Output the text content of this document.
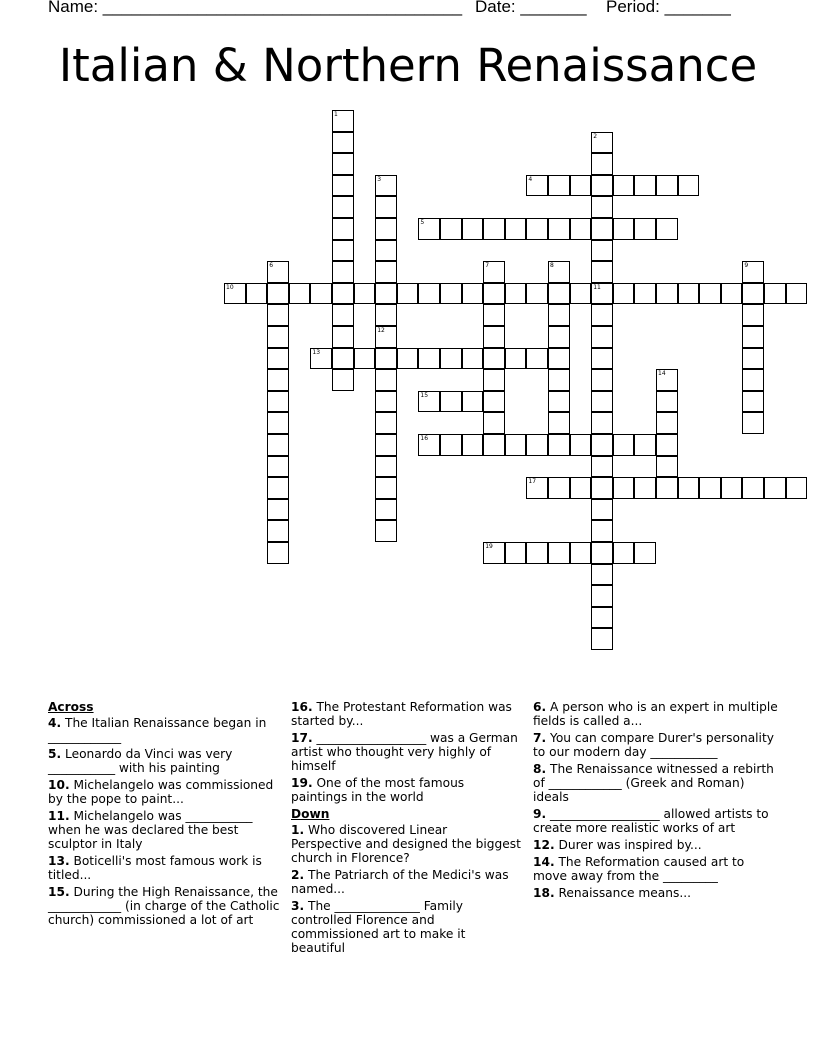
Name: ______________________________________ Date: _______ Period: _______
Italian & Northern Renaissance
1
2
11
3
12
4
5
6	7	8	9
10
13
14
15
16
17
19
Across
4. The Italian Renaissance began in ____________
5. Leonardo da Vinci was very ___________ with his painting
10. Michelangelo was commissioned by the pope to paint...
11. Michelangelo was ___________ when he was declared the best sculptor in Italy
13. Boticelli's most famous work is titled...
15. During the High Renaissance, the ____________ (in charge of the Catholic church) commissioned a lot of art
16. The Protestant Reformation was started by...
17. __________________ was a German artist who thought very highly of himself
19. One of the most famous paintings in the world
Down
1. Who discovered Linear Perspective and designed the biggest church in Florence?
2. The Patriarch of the Medici's was named...
3. The ______________ Family controlled Florence and commissioned art to make it beautiful
6. A person who is an expert in multiple fields is called a...
7. You can compare Durer's personality to our modern day ___________
8. The Renaissance witnessed a rebirth of ____________ (Greek and Roman) ideals
9. __________________ allowed artists to create more realistic works of art
12. Durer was inspired by...
14. The Reformation caused art to move away from the _________
18. Renaissance means...
